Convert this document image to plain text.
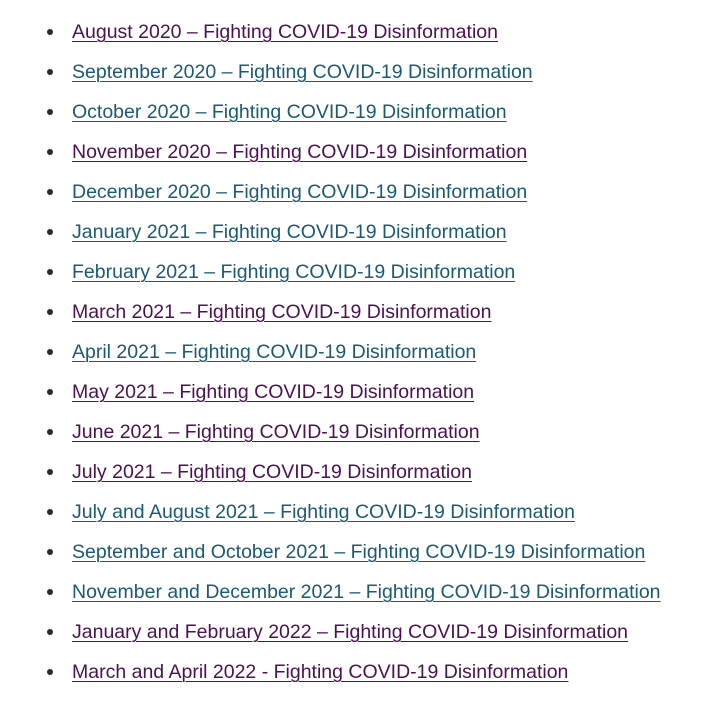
August 2020 – Fighting COVID-19 Disinformation
September 2020 – Fighting COVID-19 Disinformation
October 2020 – Fighting COVID-19 Disinformation
November 2020 – Fighting COVID-19 Disinformation
December 2020 – Fighting COVID-19 Disinformation
January 2021 – Fighting COVID-19 Disinformation
February 2021 – Fighting COVID-19 Disinformation
March 2021 – Fighting COVID-19 Disinformation
April 2021 – Fighting COVID-19 Disinformation
May 2021 – Fighting COVID-19 Disinformation
June 2021 – Fighting COVID-19 Disinformation
July 2021 – Fighting COVID-19 Disinformation
July and August 2021 – Fighting COVID-19 Disinformation
September and October 2021 – Fighting COVID-19 Disinformation
November and December 2021 – Fighting COVID-19 Disinformation
January and February 2022 – Fighting COVID-19 Disinformation
March and April 2022 - Fighting COVID-19 Disinformation
